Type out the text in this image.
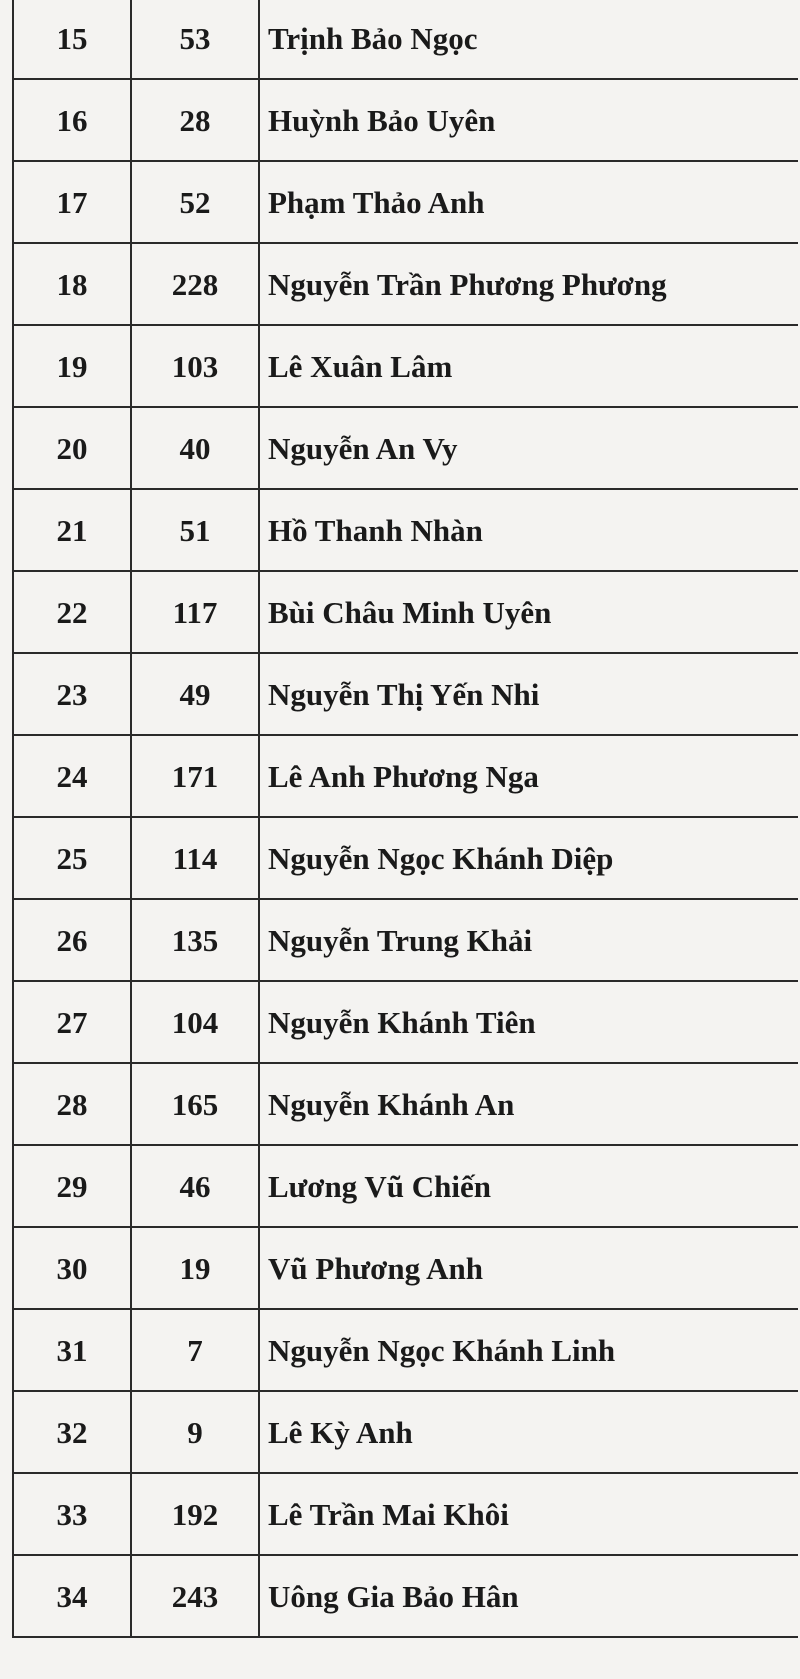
15	53	Trịnh Bảo Ngọc
16	28	Huỳnh Bảo Uyên
17	52	Phạm Thảo Anh
18	228	Nguyễn Trần Phương Phương
19	103	Lê Xuân Lâm
20	40	Nguyễn An Vy
21	51	Hồ Thanh Nhàn
22	117	Bùi Châu Minh Uyên
23	49	Nguyễn Thị Yến Nhi
24	171	Lê Anh Phương Nga
25	114	Nguyễn Ngọc Khánh Diệp
26	135	Nguyễn Trung Khải
27	104	Nguyễn Khánh Tiên
28	165	Nguyễn Khánh An
29	46	Lương Vũ Chiến
30	19	Vũ Phương Anh
31	7	Nguyễn Ngọc Khánh Linh
32	9	Lê Kỳ Anh
33	192	Lê Trần Mai Khôi
34	243	Uông Gia Bảo Hân
